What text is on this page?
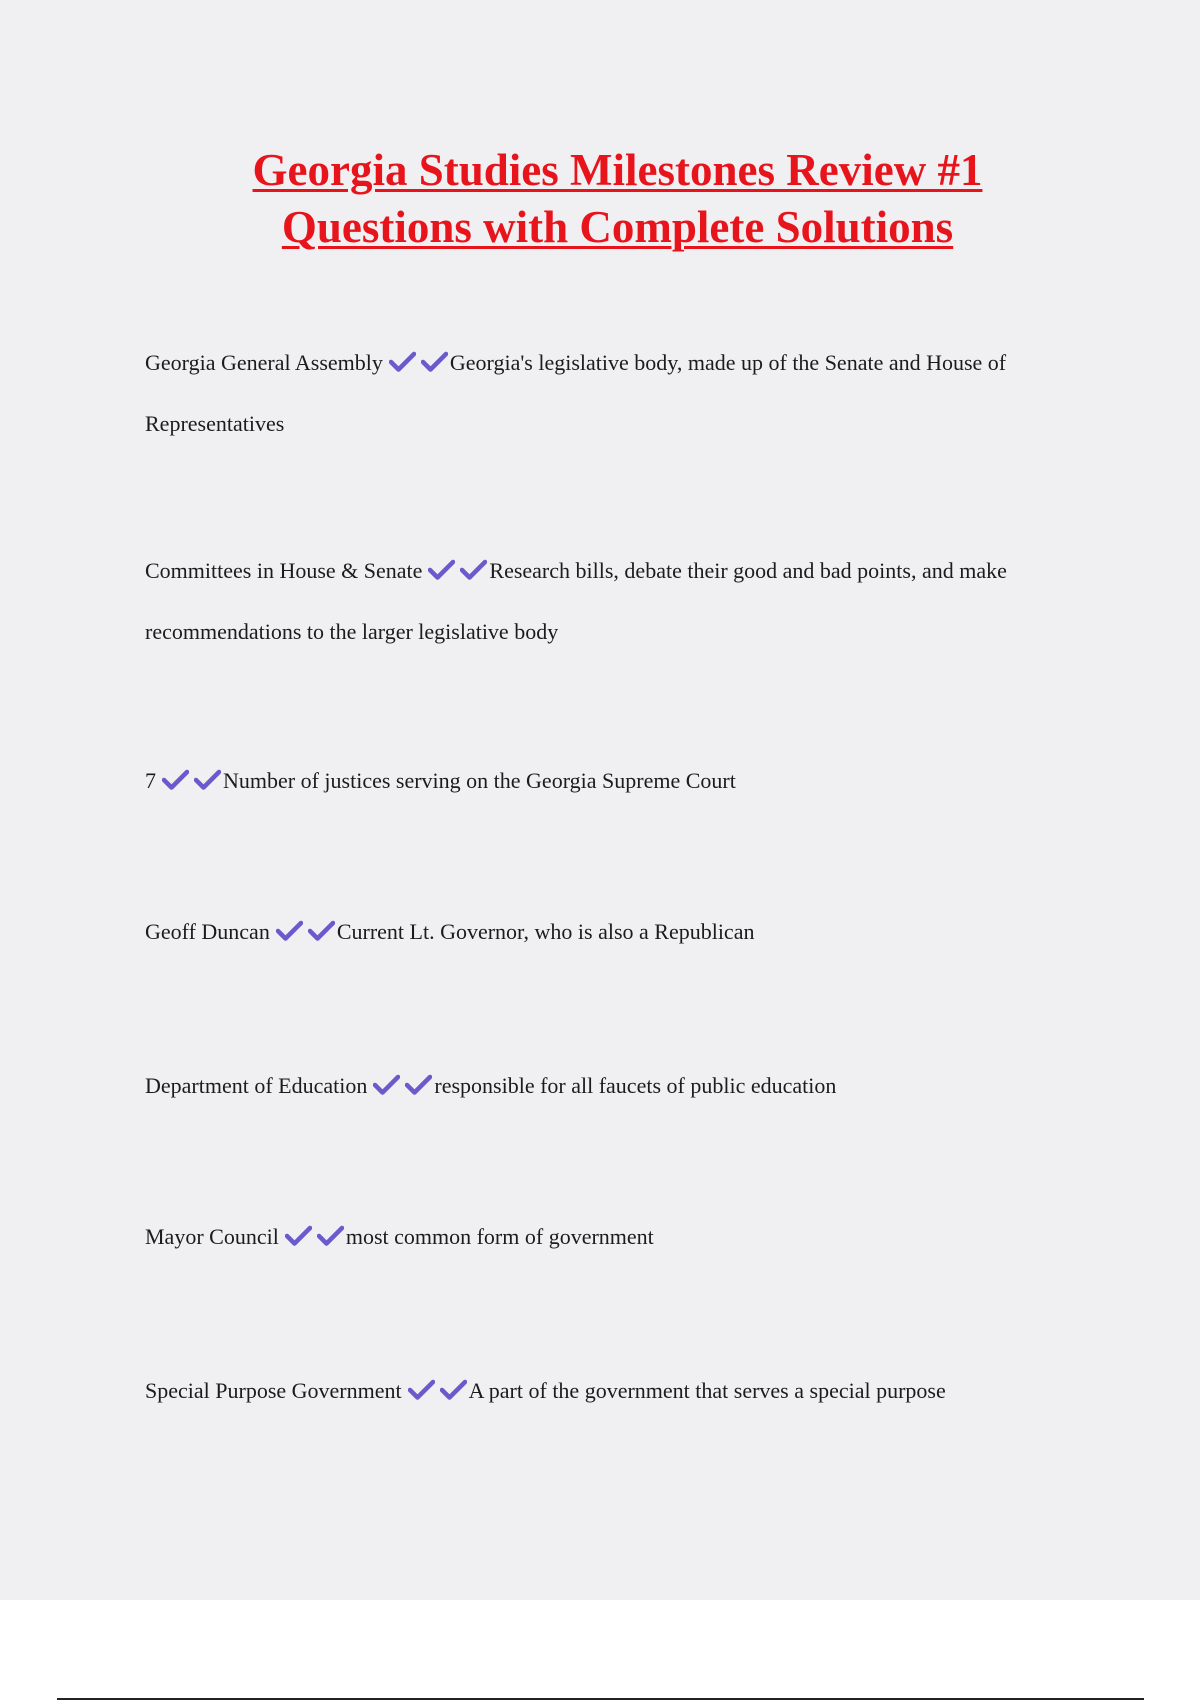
Georgia Studies Milestones Review #1
Questions with Complete Solutions
Georgia General Assembly	Georgia's legislative body, made up of the Senate and House of Representatives
Committees in House & Senate	Research bills, debate their good and bad points, and make recommendations to the larger legislative body
7	Number of justices serving on the Georgia Supreme Court
Geoff Duncan	Current Lt. Governor, who is also a Republican
Department of Education	responsible for all faucets of public education
Mayor Council	most common form of government
Special Purpose Government	A part of the government that serves a special purpose
